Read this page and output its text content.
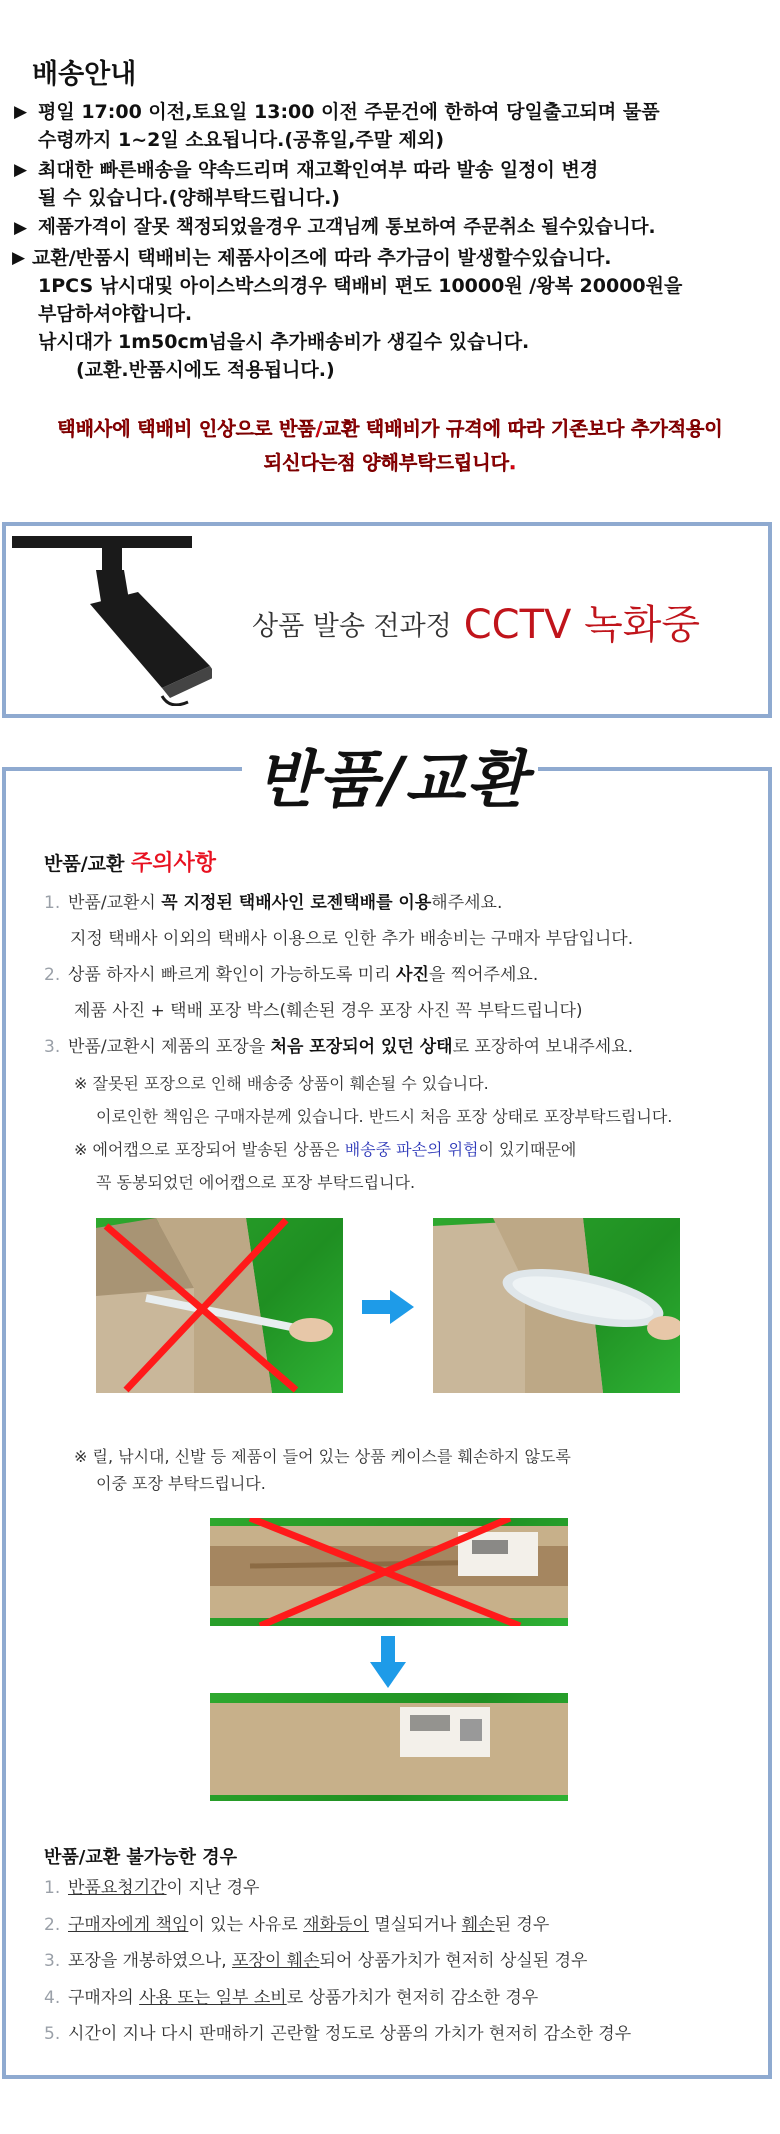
배송안내
▶ 평일 17:00 이전,토요일 13:00 이전 주문건에 한하여 당일출고되며 물품
수령까지 1~2일 소요됩니다.(공휴일,주말 제외)
▶ 최대한 빠른배송을 약속드리며 재고확인여부 따라 발송 일정이 변경
될 수 있습니다.(양해부탁드립니다.)
▶ 제품가격이 잘못 책정되었을경우 고객님께 통보하여 주문취소 될수있습니다.
▶ 교환/반품시 택배비는 제품사이즈에 따라 추가금이 발생할수있습니다.
1PCS 낚시대및 아이스박스의경우 택배비 편도 10000원 /왕복 20000원을
부담하셔야합니다.
낚시대가 1m50cm넘을시 추가배송비가 생길수 있습니다.
(교환.반품시에도 적용됩니다.)
택배사에 택배비 인상으로 반품/교환 택배비가 규격에 따라 기존보다 추가적용이
되신다는점 양해부탁드립니다.
상품 발송 전과정 CCTV 녹화중
반품/교환
반품/교환 주의사항
1. 반품/교환시 꼭 지정된 택배사인 로젠택배를 이용해주세요.
지정 택배사 이외의 택배사 이용으로 인한 추가 배송비는 구매자 부담입니다.
2. 상품 하자시 빠르게 확인이 가능하도록 미리 사진을 찍어주세요.
제품 사진 + 택배 포장 박스(훼손된 경우 포장 사진 꼭 부탁드립니다)
3. 반품/교환시 제품의 포장을 처음 포장되어 있던 상태로 포장하여 보내주세요.
※ 잘못된 포장으로 인해 배송중 상품이 훼손될 수 있습니다.
이로인한 책임은 구매자분께 있습니다. 반드시 처음 포장 상태로 포장부탁드립니다.
※ 에어캡으로 포장되어 발송된 상품은 배송중 파손의 위험이 있기때문에
꼭 동봉되었던 에어캡으로 포장 부탁드립니다.
※ 릴, 낚시대, 신발 등 제품이 들어 있는 상품 케이스를 훼손하지 않도록
이중 포장 부탁드립니다.
반품/교환 불가능한 경우
1. 반품요청기간이 지난 경우
2. 구매자에게 책임이 있는 사유로 재화등이 멸실되거나 훼손된 경우
3. 포장을 개봉하였으나, 포장이 훼손되어 상품가치가 현저히 상실된 경우
4. 구매자의 사용 또는 일부 소비로 상품가치가 현저히 감소한 경우
5. 시간이 지나 다시 판매하기 곤란할 정도로 상품의 가치가 현저히 감소한 경우
